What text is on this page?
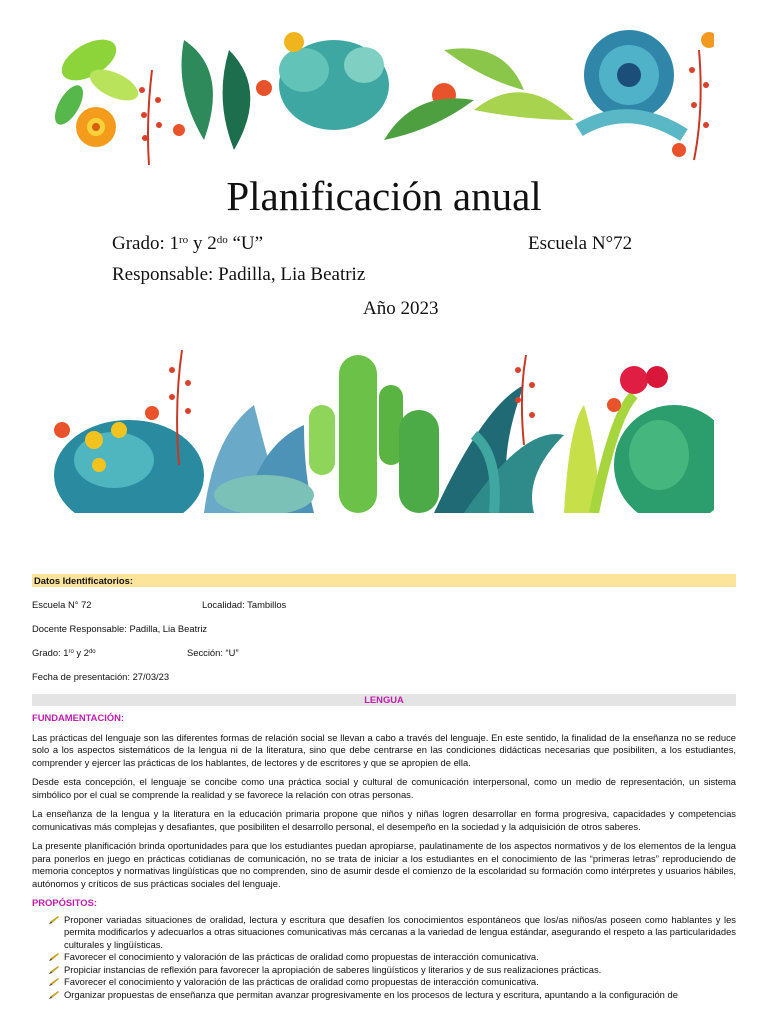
Planificación anual

Grado: $1^{ro}$ y $2^{do}$ “U”	Escuela N°72

Responsable: Padilla, Lia Beatriz

Año 2023

Datos Identificatorios:
Escuela N° 72	Localidad: Tambillos
Docente Responsable: Padilla, Lia Beatriz
Grado: $1^{ro}$ y $2^{do}$	Sección: “U”
Fecha de presentación: 27/03/23
LENGUA

FUNDAMENTACIÓN:

Las prácticas del lenguaje son las diferentes formas de relación social se llevan a cabo a través del lenguaje. En este sentido, la finalidad de la enseñanza no se reduce solo a los aspectos sistemáticos de la lengua ni de la literatura, sino que debe centrarse en las condiciones didácticas necesarias que posibiliten, a los estudiantes, comprender y ejercer las prácticas de los hablantes, de lectores y de escritores y que se apropien de ella.

Desde esta concepción, el lenguaje se concibe como una práctica social y cultural de comunicación interpersonal, como un medio de representación, un sistema simbólico por el cual se comprende la realidad y se favorece la relación con otras personas.

La enseñanza de la lengua y la literatura en la educación primaria propone que niños y niñas logren desarrollar en forma progresiva, capacidades y competencias comunicativas más complejas y desafiantes, que posibiliten el desarrollo personal, el desempeño en la sociedad y la adquisición de otros saberes.

La presente planificación brinda oportunidades para que los estudiantes puedan apropiarse, paulatinamente de los aspectos normativos y de los elementos de la lengua para ponerlos en juego en prácticas cotidianas de comunicación, no se trata de iniciar a los estudiantes en el conocimiento de las “primeras letras” reproduciendo de memoria conceptos y normativas lingüísticas que no comprenden, sino de asumir desde el comienzo de la escolaridad su formación como intérpretes y usuarios hábiles, autónomos y críticos de sus prácticas sociales del lenguaje.

PROPÓSITOS:

Proponer variadas situaciones de oralidad, lectura y escritura que desafíen los conocimientos espontáneos que los/as niños/as poseen como hablantes y les permita modificarlos y adecuarlos a otras situaciones comunicativas más cercanas a la variedad de lengua estándar, asegurando el respeto a las particularidades culturales y lingüísticas.
Favorecer el conocimiento y valoración de las prácticas de oralidad como propuestas de interacción comunicativa.
Propiciar instancias de reflexión para favorecer la apropiación de saberes lingüísticos y literarios y de sus realizaciones prácticas.
Favorecer el conocimiento y valoración de las prácticas de oralidad como propuestas de interacción comunicativa.
Organizar propuestas de enseñanza que permitan avanzar progresivamente en los procesos de lectura y escritura, apuntando a la configuración de
